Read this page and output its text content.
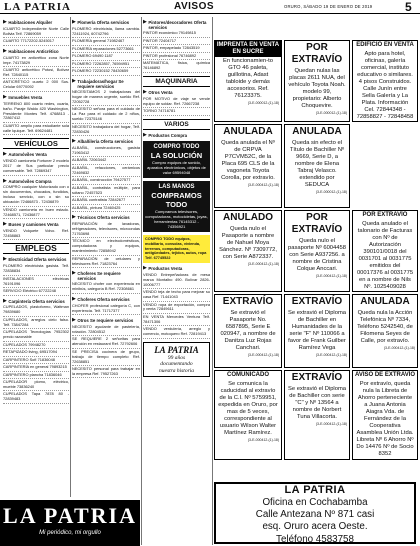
LA PATRIA	AVISOS	ORURO, SÁBADO 19 DE ENERO DE 2019	5
▶ Habitaciones Alquiler
ICUARTO independiente Norte Calle Bolivia Telf. 72869059
CUARTO 77172202-5245017
▶ Habitaciones Anticrético
CUARTO en anticrético zona Norte Impr. 74173829
CUARTO anticrético Potosí, Bolívar Ref. 72840115
ANTICRÉTICO cuarto 2 000 Sus. Celular 69770092
▶ Inmuebles Venta
TERRENO 800 cuarto redes, cuarta, baño. Paraje Waldo 420 Washington, Presidente Montes Telf. 4768813 - 72867412
CUARTO amplio para estudiante sola calle Iquique. Telf. 69624481
VEHÍCULOS
▶ Automóviles Venta
VENDO camioneta Fortuner 2 modelo 2017 de Sus particular precio conversable. Telf. 72869347
▶ Automóviles Compra
COMPRO cualquier Motorizado con o sin documentos, chocados, fundidos, incluso servicio, con o sin su ubicación 72466873 - 72436879
VENDO camioneta en buen estado. 72468571, 72436877
▶ Buses y camiones Venta
VENDO Volquete Volvo. Ref. 72458863
EMPLEOS
▶ Electricidad Oferta servicios
PLOMERO electricista gasista. Telf. 72838834
INSTALACIONES eléctricas 76191096
SERVICIO Eléctrico 67722248
▶ Carpintería Oferta servicios
CUPELADOS, plastoformo, Wattman 79839680
CUPELADOS, arreglos cielo falso. Telf. 73847284
CUPELADOS Tecnologías 7952302 precio razonable
CUPELADOS 79948270
RETAPIZADO living, 69517094
CARPINTERO Sofí 71836048
CARPINTERÍA en general 79893215
CARPINTERO plancha 71836046
CUPELADOR plomo, eléctrico, mueble 73836240
CUPELADOS Tapa 7878 80 - 72839483
▶ Plomería Oferta servicios
PLOMERO electricista, llama cambia. 72411924, 60742796
PLOMERÍA general 71982467
PLOMERÍA reparaciones 52773661
PLOMERO 69490 1187
PLOMERO 72262857, 76594951
PLOMERO 72230152 78430659
▶ Trabajadoras/hogar Se requiere servicios
NECESITAMOS 2 trabajadoras del hogar de manera urgente, sueldo Ref. 72052728
NECESITO señora para el cuidado de La Paz para el cuidado de 2 niños, sueldo 72375146
NECESITO trabajadora del hogar, Telf. 72830426
▶ Albañilería Oferta servicios
ALBAÑIL, construcciones, gasista 71963412
ALBAÑIL 72063442
ALBAÑIL, refacciones, cerámicos 72469832
ALBAÑIL, construcción 79427577
ALBAÑIL, contratista múltiple, para sótano 72457523
ALBAÑIL contratista 72842677
ALBAÑIL, pintura 72460425
▶ Técnicos Oferta servicios
REPARACIÓN de lavadoras, refrigeradores, televisores, microondas 71763698
TÉCNICO en electrodomésticos, computadoras y equipos, mantenimiento 72858942
REPARACIÓN de celulares y televisores Ref. 71823764
▶ Choferes Se requiere servicios
NECESITO chofer con experiencia en minibús, categoría B Ref. 72308661
▶ Choferes Oferta servicios
CHOFER profesional categoría C, con experiencia. Telf. 71717377
▶ Otros Se requiere servicios
NECESITO ayudante de pastelería, rotación. 72804512
SE REQUIERE 2 señoritas para atención en restaurant Ref. 72792606
SE PRECISA cocinera de grupo, trabajo de tiempo completo Ref. 72638851
NECESITO personal para trabajar en la empresa Ref. 79527263
▶ Pintores/decoradores Oferta servicios
PINTOR económico 79149815
PINTOR 72404717
PINTOR, empapelado 72843519
PINTOR profesional 76746892
MATEMÁTICA, física, química 76146892
MAQUINARIA
▶ Otros Venta
POR MOTIVO de viaje se vende equipo de soldar. Ref. 72667238
TORNO 74716781
VARIOS
▶ Productos Compra
COMPRO TODO
LA SOLUCIÓN
Compro equipos de sonido, aparatos electrónicos, objetos de valor 69594048
LAS MANOS
COMPRAMOS TODO
Compramos televisores, computadoras, motocicletas, joyas, herramientas 76145312 - 74356921
COMPRO TODO equipos, mobiliario, consolas, vivienda, terrenos, computadoras, antigüedades, tejidos, autos, ropa Telf. 67745522
▶ Productos Venta
VENDO Entrepeñadoras de mesa marca Montalbo 490. Bolívar 2826-10006777
VENDO teja de techo para mejorar su casa Ref. 71441043
VENDO ropa de exportación, compra y venta 72849611
EN VENTA Mercedes Ventura Telf. 78471306
VENDO verdulería, arreglo y comercio, motoquero Ref. 72819413
LA PATRIA
99 años
documentando
nuestra historia
LA PATRIA
Mi periódico, mi orgullo
IMPRENTA EN VENTA EN SUCRE
En funcionamien-to GTO 46 paleta, guillotina, Adast tabloide y demás accesorios. Ref. 76123375.
(3-E-000012-(1)-18)
POR EXTRAVÍO
Quedan nulas las placas 2611 NUA, del vehículo Toyota Noah. modelo 99, propietario: Alberto Choquevire.
(3-E-000012-(1)-18)
EDIFICIO EN VENTA
Apto para hotel, oficinas, galería comercial, instituto educativo o similares. 4 pisos Construidos. Calle Junín entre Sella Galería y La Plata. Información Cel. 72844348 - 72858827 - 72848458
ANULADA
Queda anulada el Nº de CRPVA P7CVM52C, de la Placa 695 CLS de la vagoneta Toyota Corolla, por extravío.
(3-E-000412-(1)-18)
ANULADA
Queda sin efecto el Título de Bachiller Nº 9669, Serie D, a nombre de Elena Tabraj Velasco. extendido por SEDUCA
(3-E-000012-(1)-18)
ANULADO
Queda nulo el Pasaporte a nombre de Nahuel Moya Sánchez. Nº 7309772, con Serie A872337.
(3-E-000412-(1)-18)
POR EXTRAVÍO
Queda nulo el pasaporte Nº 6004458 con Serie A937256. a nombre de Cristina Colque Anccari.
(3-E-000412-(1)-18)
POR EXTRAVÍO
Queda anulado el talonario de Facturas con Nº de Autorización 390101/0018 del 0031701 al 0031775 emitidos del 00017376 al 0031775 en a nombre de Nils Nº. 1025409028
EXTRAVÍO
Se extravió el Pasaporte No. 6587895, Serie E 020947, a nombre de Danitza Luz Rojas Canchari.
(3-E-000412-(1)-18)
EXTRAVÍO
Se extravió el Diploma de Bachiller en Humanidades de la serie "F" Nº 110066 a favor de Frank Guilber Ramírez Vega
(3-E-000412-(1)-18)
ANULADA
Queda nula la Acción Telefónica Nº 7334, Teléfono 5242540, de Filomena Seyes de Calle, por extravío.
(3-E-000412-(1)-18)
COMUNICADO
Se comunica la caducidad al extravío de la C.I. Nº 5759951, expedida en Oruro, por mas de 5 veces, correspondiente al usuario Wilson Walter Martínez Ramírez.
(3-E-000412-(1)-18)
EXTRAVÍO
Se extravió el Diploma de Bachiller con serie "C" y Nº 13564 a nombre de Norbert Tuna Villacorta.
(3-E-000412-(1)-18)
AVISO DE EXTRAVÍO
Por extravío, queda nula la Libreta de Ahorro perteneciente a Juana Antonia Aiagra Vda. de Fernández de la Cooperativa Asamblea Unión Ltda. Libreta Nº 6 Ahorro Nº Do 14476 Nº de Socio 8352
LA PATRIA
Oficina en Cochabamba
Calle Antezana Nº 871 casi
esq. Oruro acera Oeste.
Teléfono 4583758
